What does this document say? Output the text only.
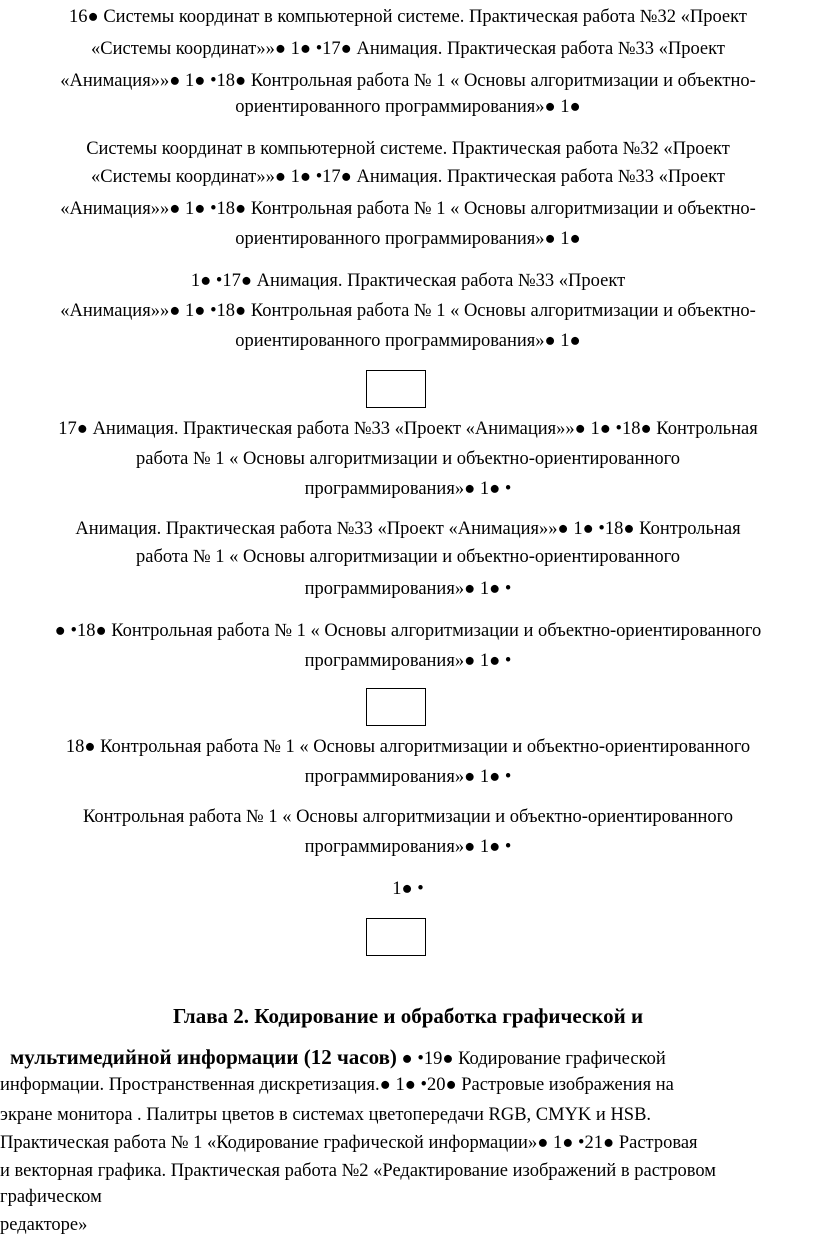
16● Системы координат в компьютерной системе. Практическая работа №32 «Проект
«Системы координат»»● 1● •17● Анимация. Практическая работа №33 «Проект
«Анимация»»● 1● •18● Контрольная работа № 1 « Основы алгоритмизации и объектно-
ориентированного программирования»● 1●
Системы координат в компьютерной системе. Практическая работа №32 «Проект
«Системы координат»»● 1● •17● Анимация. Практическая работа №33 «Проект
«Анимация»»● 1● •18● Контрольная работа № 1 « Основы алгоритмизации и объектно-
ориентированного программирования»● 1●
1● •17● Анимация. Практическая работа №33 «Проект
«Анимация»»● 1● •18● Контрольная работа № 1 « Основы алгоритмизации и объектно-
ориентированного программирования»● 1●
17● Анимация. Практическая работа №33 «Проект «Анимация»»● 1● •18● Контрольная
работа № 1 « Основы алгоритмизации и объектно-ориентированного
программирования»● 1● •
Анимация. Практическая работа №33 «Проект «Анимация»»● 1● •18● Контрольная
работа № 1 « Основы алгоритмизации и объектно-ориентированного
программирования»● 1● •
● •18● Контрольная работа № 1 « Основы алгоритмизации и объектно-ориентированного
программирования»● 1● •
18● Контрольная работа № 1 « Основы алгоритмизации и объектно-ориентированного
программирования»● 1● •
Контрольная работа № 1 « Основы алгоритмизации и объектно-ориентированного
программирования»● 1● •
1● •
Глава 2. Кодирование и обработка графической и
мультимедийной информации (12 часов) ● •19● Кодирование графической
информации. Пространственная дискретизация.● 1● •20● Растровые изображения на
экране монитора . Палитры цветов в системах цветопередачи RGB, CMYK и HSB.
Практическая работа № 1 «Кодирование графической информации»● 1● •21● Растровая
и векторная графика. Практическая работа №2 «Редактирование изображений в растровом
графическом
редакторе»
